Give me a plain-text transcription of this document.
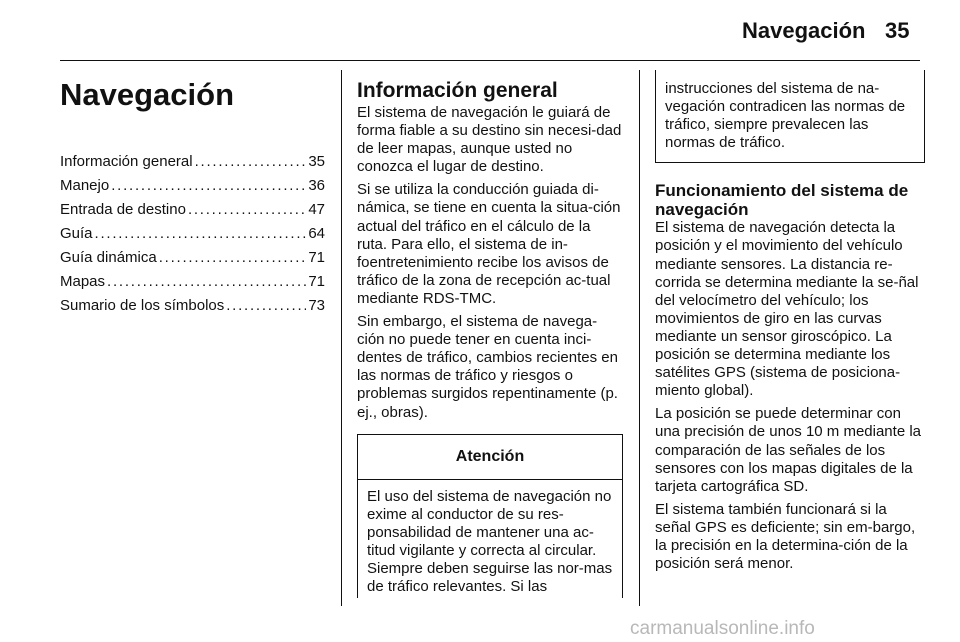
Navegación 35
Navegación
Información general . . .	35
Manejo . . .	36
Entrada de destino . . .	47
Guía . . .	64
Guía dinámica . . .	71
Mapas . . .	71
Sumario de los símbolos . . .	73
Información general

El sistema de navegación le guiará de forma fiable a su destino sin necesi-dad de leer mapas, aunque usted no conozca el lugar de destino.

Si se utiliza la conducción guiada di-námica, se tiene en cuenta la situa-ción actual del tráfico en el cálculo de la ruta. Para ello, el sistema de in-foentretenimiento recibe los avisos de tráfico de la zona de recepción ac-tual mediante RDS-TMC.

Sin embargo, el sistema de navega-ción no puede tener en cuenta inci-dentes de tráfico, cambios recientes en las normas de tráfico y riesgos o problemas surgidos repentinamente (p. ej., obras).

Atención
El uso del sistema de navegación no exime al conductor de su res-ponsabilidad de mantener una ac-titud vigilante y correcta al circular. Siempre deben seguirse las nor-mas de tráfico relevantes. Si las
instrucciones del sistema de na-vegación contradicen las normas de tráfico, siempre prevalecen las normas de tráfico.
Funcionamiento del sistema de navegación

El sistema de navegación detecta la posición y el movimiento del vehículo mediante sensores. La distancia re-corrida se determina mediante la se-ñal del velocímetro del vehículo; los movimientos de giro en las curvas mediante un sensor giroscópico. La posición se determina mediante los satélites GPS (sistema de posiciona-miento global).

La posición se puede determinar con una precisión de unos 10 m mediante la comparación de las señales de los sensores con los mapas digitales de la tarjeta cartográfica SD.

El sistema también funcionará si la señal GPS es deficiente; sin em-bargo, la precisión en la determina-ción de la posición será menor.

carmanualsonline.info
